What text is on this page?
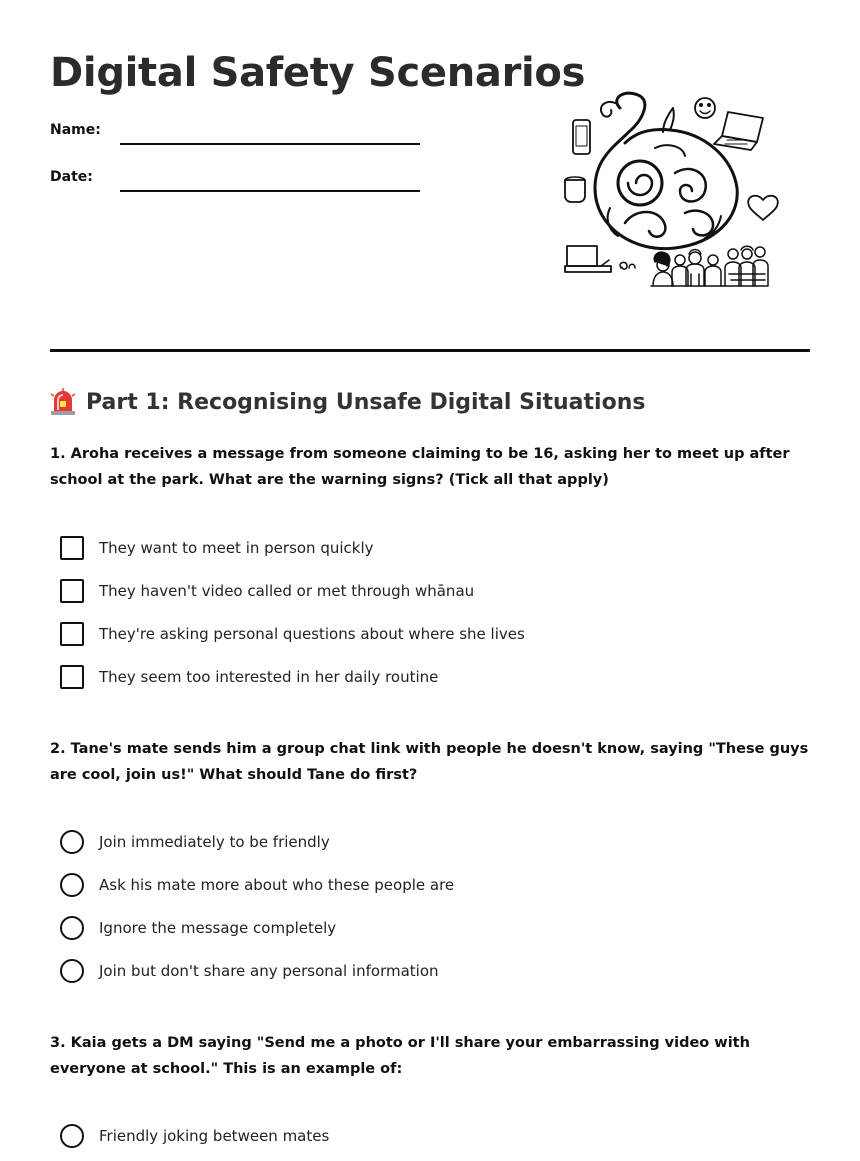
Digital Safety Scenarios
Name:
Date:
Part 1: Recognising Unsafe Digital Situations
1. Aroha receives a message from someone claiming to be 16, asking her to meet up after school at the park. What are the warning signs? (Tick all that apply)
They want to meet in person quickly
They haven't video called or met through whānau
They're asking personal questions about where she lives
They seem too interested in her daily routine
2. Tane's mate sends him a group chat link with people he doesn't know, saying "These guys are cool, join us!" What should Tane do first?
Join immediately to be friendly
Ask his mate more about who these people are
Ignore the message completely
Join but don't share any personal information
3. Kaia gets a DM saying "Send me a photo or I'll share your embarrassing video with everyone at school." This is an example of:
Friendly joking between mates
